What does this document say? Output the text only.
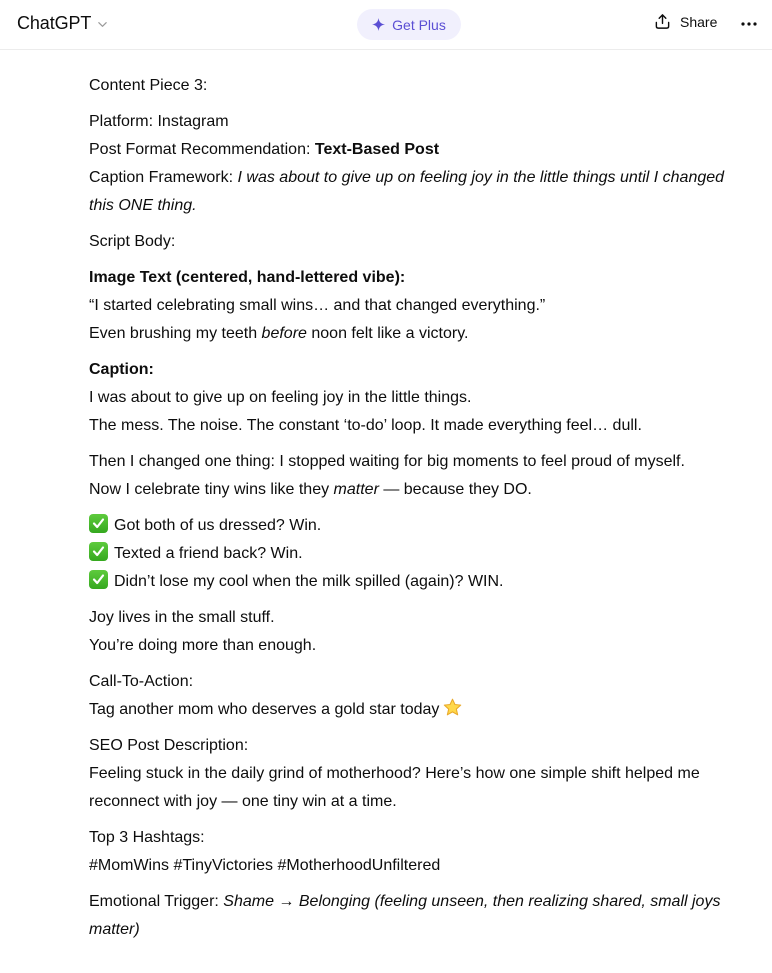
ChatGPT	Get Plus	Share

Content Piece 3:

Platform: Instagram
Post Format Recommendation: Text-Based Post
Caption Framework: I was about to give up on feeling joy in the little things until I changed this ONE thing.

Script Body:

Image Text (centered, hand-lettered vibe):
“I started celebrating small wins… and that changed everything.”
Even brushing my teeth before noon felt like a victory.

Caption:
I was about to give up on feeling joy in the little things.
The mess. The noise. The constant ‘to-do’ loop. It made everything feel… dull.

Then I changed one thing: I stopped waiting for big moments to feel proud of myself.
Now I celebrate tiny wins like they matter — because they DO.

Got both of us dressed? Win.

Texted a friend back? Win.

Didn’t lose my cool when the milk spilled (again)? WIN.

Joy lives in the small stuff.
You’re doing more than enough.

Call-To-Action:
Tag another mom who deserves a gold star today

SEO Post Description:
Feeling stuck in the daily grind of motherhood? Here’s how one simple shift helped me reconnect with joy — one tiny win at a time.

Top 3 Hashtags:
#MomWins #TinyVictories #MotherhoodUnfiltered

Emotional Trigger: Shame → Belonging (feeling unseen, then realizing shared, small joys matter)
